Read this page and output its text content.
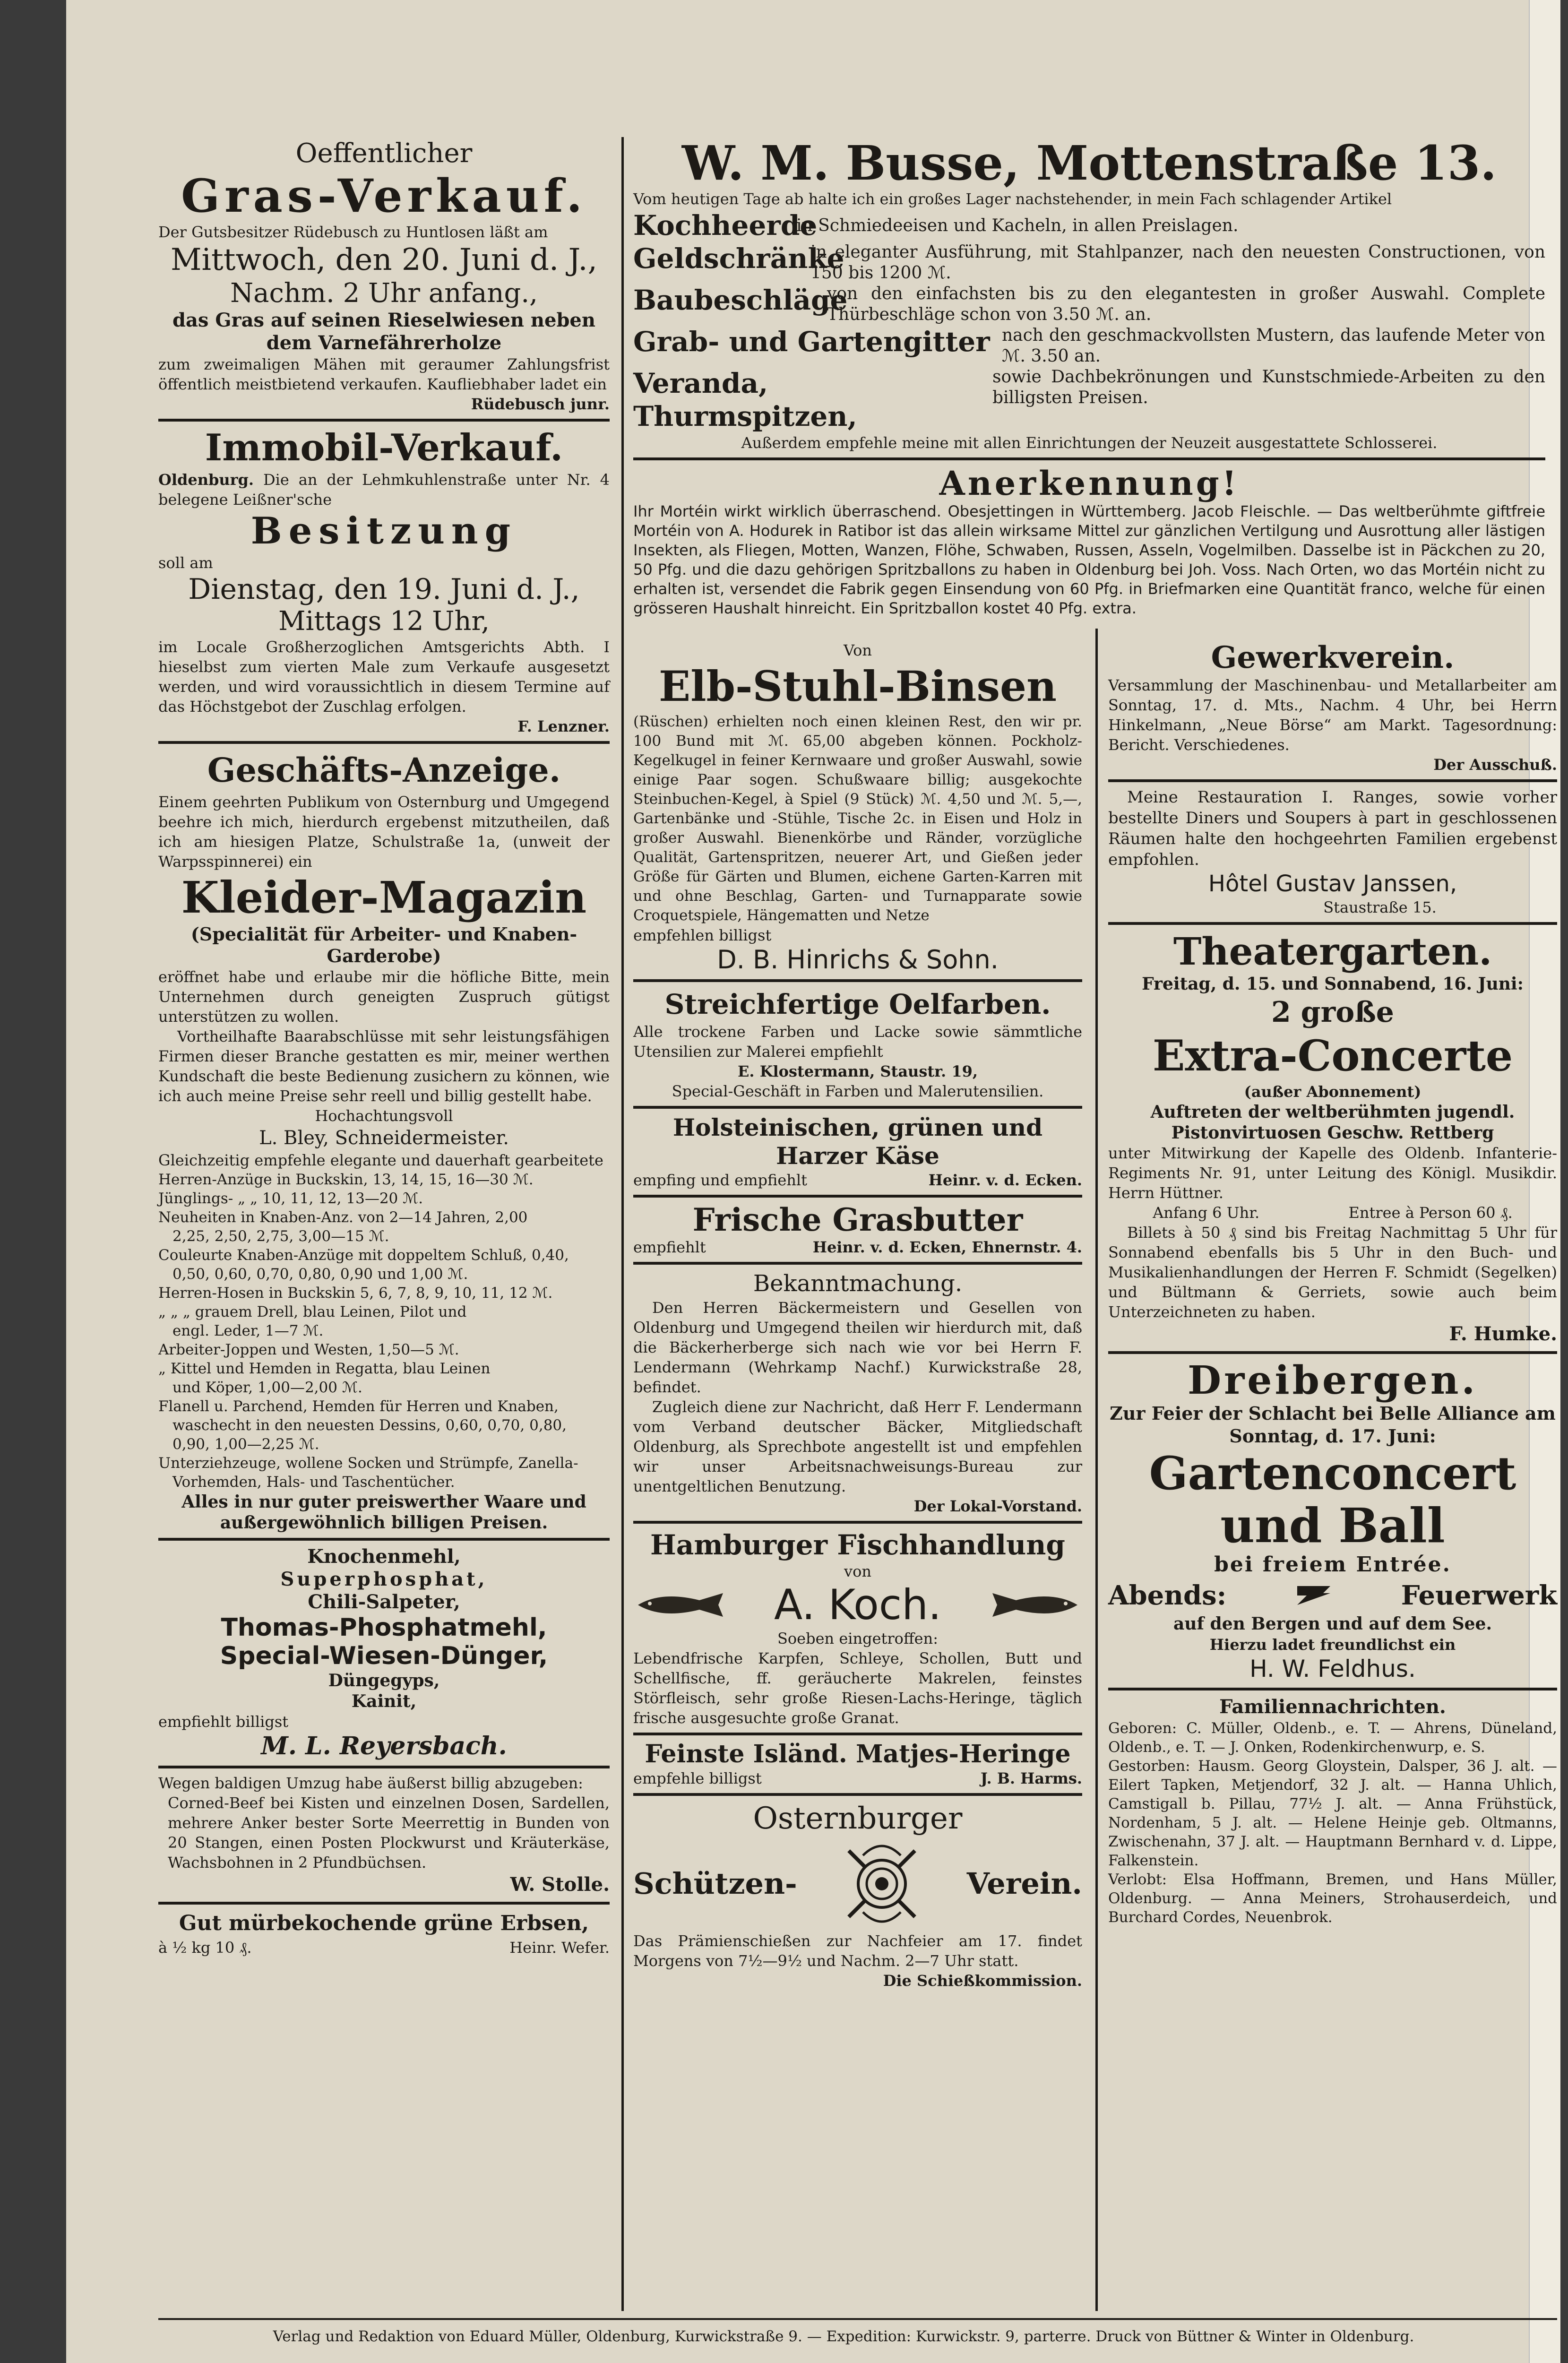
Oeffentlicher
Gras-Verkauf.
Der Gutsbesitzer Rüdebusch zu Huntlosen läßt am
Mittwoch, den 20. Juni d. J.,
Nachm. 2 Uhr anfang.,
das Gras auf seinen Rieselwiesen neben dem Varnefährerholze
zum zweimaligen Mähen mit geraumer Zahlungsfrist öffentlich meistbietend verkaufen. Kaufliebhaber ladet ein
Rüdebusch junr.
Immobil-Verkauf.
Oldenburg. Die an der Lehmkuhlenstraße unter Nr. 4 belegene Leißner'sche
Besitzung
soll am
Dienstag, den 19. Juni d. J.,
Mittags 12 Uhr,
im Locale Großherzoglichen Amtsgerichts Abth. I hieselbst zum vierten Male zum Verkaufe ausgesetzt werden, und wird voraussichtlich in diesem Termine auf das Höchstgebot der Zuschlag erfolgen.
F. Lenzner.
Geschäfts-Anzeige.
Einem geehrten Publikum von Osternburg und Umgegend beehre ich mich, hierdurch ergebenst mitzutheilen, daß ich am hiesigen Platze, Schulstraße 1a, (unweit der Warpsspinnerei) ein
Kleider-Magazin
(Specialität für Arbeiter- und Knaben-Garderobe)
eröffnet habe und erlaube mir die höfliche Bitte, mein Unternehmen durch geneigten Zuspruch gütigst unterstützen zu wollen.
Vortheilhafte Baarabschlüsse mit sehr leistungsfähigen Firmen dieser Branche gestatten es mir, meiner werthen Kundschaft die beste Bedienung zusichern zu können, wie ich auch meine Preise sehr reell und billig gestellt habe.
Hochachtungsvoll
L. Bley, Schneidermeister.
Gleichzeitig empfehle elegante und dauerhaft gearbeitete
Herren-Anzüge in Buckskin, 13, 14, 15, 16—30 ℳ.
Jünglings- „ „ 10, 11, 12, 13—20 ℳ.
Neuheiten in Knaben-Anz. von 2—14 Jahren, 2,00
2,25, 2,50, 2,75, 3,00—15 ℳ.
Couleurte Knaben-Anzüge mit doppeltem Schluß, 0,40,
0,50, 0,60, 0,70, 0,80, 0,90 und 1,00 ℳ.
Herren-Hosen in Buckskin 5, 6, 7, 8, 9, 10, 11, 12 ℳ.
„ „ „ grauem Drell, blau Leinen, Pilot und
engl. Leder, 1—7 ℳ.
Arbeiter-Joppen und Westen, 1,50—5 ℳ.
„ Kittel und Hemden in Regatta, blau Leinen
und Köper, 1,00—2,00 ℳ.
Flanell u. Parchend, Hemden für Herren und Knaben,
waschecht in den neuesten Dessins, 0,60, 0,70, 0,80,
0,90, 1,00—2,25 ℳ.
Unterziehzeuge, wollene Socken und Strümpfe, Zanella-
Vorhemden, Hals- und Taschentücher.
Alles in nur guter preiswerther Waare und außergewöhnlich billigen Preisen.
Knochenmehl,
Superphosphat,
Chili-Salpeter,
Thomas-Phosphatmehl,
Special-Wiesen-Dünger,
Düngegyps,
Kainit,
empfiehlt billigst
M. L. Reyersbach.
Wegen baldigen Umzug habe äußerst billig abzugeben:
Corned-Beef bei Kisten und einzelnen Dosen, Sardellen, mehrere Anker bester Sorte Meerrettig in Bunden von 20 Stangen, einen Posten Plockwurst und Kräuterkäse, Wachsbohnen in 2 Pfundbüchsen.
W. Stolle.
Gut mürbekochende grüne Erbsen,
à ½ kg 10 ₰.	Heinr. Wefer.
W. M. Busse, Mottenstraße 13.
Vom heutigen Tage ab halte ich ein großes Lager nachstehender, in mein Fach schlagender Artikel
Kochheerde
in Schmiedeeisen und Kacheln, in allen Preislagen.
Geldschränke
in eleganter Ausführung, mit Stahlpanzer, nach den neuesten Constructionen, von 150 bis 1200 ℳ.
Baubeschläge
von den einfachsten bis zu den elegantesten in großer Auswahl. Complete Thürbeschläge schon von 3.50 ℳ. an.
Grab- und Gartengitter nach den geschmackvollsten Mustern, das laufende Meter von ℳ. 3.50 an.
Veranda, Thurmspitzen,
sowie Dachbekrönungen und Kunstschmiede-Arbeiten zu den billigsten Preisen.
Außerdem empfehle meine mit allen Einrichtungen der Neuzeit ausgestattete Schlosserei.
Anerkennung!
Ihr Mortéin wirkt wirklich überraschend. Obesjettingen in Württemberg. Jacob Fleischle. — Das weltberühmte giftfreie Mortéin von A. Hodurek in Ratibor ist das allein wirksame Mittel zur gänzlichen Vertilgung und Ausrottung aller lästigen Insekten, als Fliegen, Motten, Wanzen, Flöhe, Schwaben, Russen, Asseln, Vogelmilben. Dasselbe ist in Päckchen zu 20, 50 Pfg. und die dazu gehörigen Spritzballons zu haben in Oldenburg bei Joh. Voss. Nach Orten, wo das Mortéin nicht zu erhalten ist, versendet die Fabrik gegen Einsendung von 60 Pfg. in Briefmarken eine Quantität franco, welche für einen grösseren Haushalt hinreicht. Ein Spritzballon kostet 40 Pfg. extra.
Von
Elb-Stuhl-Binsen
(Rüschen) erhielten noch einen kleinen Rest, den wir pr. 100 Bund mit ℳ. 65,00 abgeben können. Pockholz-Kegelkugel in feiner Kernwaare und großer Auswahl, sowie einige Paar sogen. Schußwaare billig; ausgekochte Steinbuchen-Kegel, à Spiel (9 Stück) ℳ. 4,50 und ℳ. 5,—, Gartenbänke und -Stühle, Tische 2c. in Eisen und Holz in großer Auswahl. Bienenkörbe und Ränder, vorzügliche Qualität, Gartenspritzen, neuerer Art, und Gießen jeder Größe für Gärten und Blumen, eichene Garten-Karren mit und ohne Beschlag, Garten- und Turnapparate sowie Croquetspiele, Hängematten und Netze
empfehlen billigst
D. B. Hinrichs & Sohn.
Streichfertige Oelfarben.
Alle trockene Farben und Lacke sowie sämmtliche Utensilien zur Malerei empfiehlt
E. Klostermann, Staustr. 19,
Special-Geschäft in Farben und Malerutensilien.
Holsteinischen, grünen und Harzer Käse
empfing und empfiehlt	Heinr. v. d. Ecken.
Frische Grasbutter
empfiehlt	Heinr. v. d. Ecken, Ehnernstr. 4.
Bekanntmachung.
Den Herren Bäckermeistern und Gesellen von Oldenburg und Umgegend theilen wir hierdurch mit, daß die Bäckerherberge sich nach wie vor bei Herrn F. Lendermann (Wehrkamp Nachf.) Kurwickstraße 28, befindet.
Zugleich diene zur Nachricht, daß Herr F. Lendermann vom Verband deutscher Bäcker, Mitgliedschaft Oldenburg, als Sprechbote angestellt ist und empfehlen wir unser Arbeitsnachweisungs-Bureau zur unentgeltlichen Benutzung.
Der Lokal-Vorstand.
Hamburger Fischhandlung
von
A. Koch.
Soeben eingetroffen:
Lebendfrische Karpfen, Schleye, Schollen, Butt und Schellfische, ff. geräucherte Makrelen, feinstes Störfleisch, sehr große Riesen-Lachs-Heringe, täglich frische ausgesuchte große Granat.
Feinste Isländ. Matjes-Heringe
empfehle billigst	J. B. Harms.
Osternburger
Schützen-	Verein.
Das Prämienschießen zur Nachfeier am 17. findet Morgens von 7½—9½ und Nachm. 2—7 Uhr statt.
Die Schießkommission.
Gewerkverein.
Versammlung der Maschinenbau- und Metallarbeiter am Sonntag, 17. d. Mts., Nachm. 4 Uhr, bei Herrn Hinkelmann, „Neue Börse“ am Markt. Tagesordnung: Bericht. Verschiedenes.
Der Ausschuß.
Meine Restauration I. Ranges, sowie vorher bestellte Diners und Soupers à part in geschlossenen Räumen halte den hochgeehrten Familien ergebenst empfohlen.
Hôtel Gustav Janssen,
Staustraße 15.
Theatergarten.
Freitag, d. 15. und Sonnabend, 16. Juni:
2 große
Extra-Concerte
(außer Abonnement)
Auftreten der weltberühmten jugendl. Pistonvirtuosen Geschw. Rettberg
unter Mitwirkung der Kapelle des Oldenb. Infanterie-Regiments Nr. 91, unter Leitung des Königl. Musikdir. Herrn Hüttner.
Anfang 6 Uhr.	Entree à Person 60 ₰.
Billets à 50 ₰ sind bis Freitag Nachmittag 5 Uhr für Sonnabend ebenfalls bis 5 Uhr in den Buch- und Musikalienhandlungen der Herren F. Schmidt (Segelken) und Bültmann & Gerriets, sowie auch beim Unterzeichneten zu haben.
F. Humke.
Dreibergen.
Zur Feier der Schlacht bei Belle Alliance am Sonntag, d. 17. Juni:
Gartenconcert
und Ball
bei freiem Entrée.
Abends:	Feuerwerk
auf den Bergen und auf dem See.
Hierzu ladet freundlichst ein
H. W. Feldhus.
Familiennachrichten.
Geboren: C. Müller, Oldenb., e. T. — Ahrens, Düneland, Oldenb., e. T. — J. Onken, Rodenkirchenwurp, e. S.
Gestorben: Hausm. Georg Gloystein, Dalsper, 36 J. alt. — Eilert Tapken, Metjendorf, 32 J. alt. — Hanna Uhlich, Camstigall b. Pillau, 77½ J. alt. — Anna Frühstück, Nordenham, 5 J. alt. — Helene Heinje geb. Oltmanns, Zwischenahn, 37 J. alt. — Hauptmann Bernhard v. d. Lippe, Falkenstein.
Verlobt: Elsa Hoffmann, Bremen, und Hans Müller, Oldenburg. — Anna Meiners, Strohauserdeich, und Burchard Cordes, Neuenbrok.
Verlag und Redaktion von Eduard Müller, Oldenburg, Kurwickstraße 9. — Expedition: Kurwickstr. 9, parterre. Druck von Büttner & Winter in Oldenburg.
